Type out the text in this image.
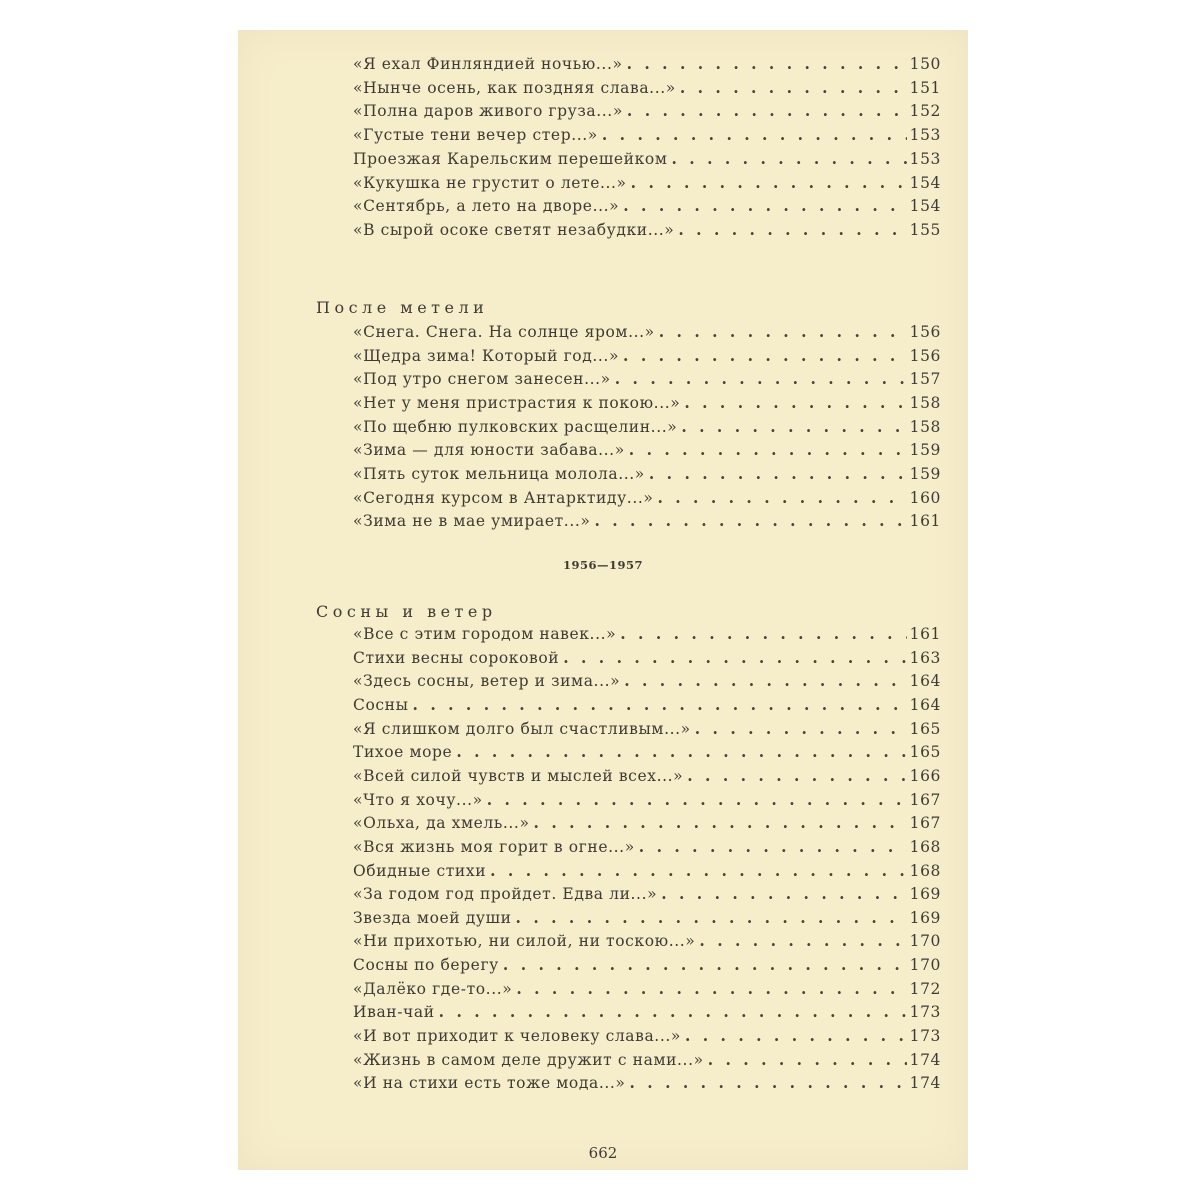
После метели
1956—1957
Сосны и ветер
662
«Я ехал Финляндией ночью...» . . .	150
«Нынче осень, как поздняя слава...» . . .	151
«Полна даров живого груза...» . . .	152
«Густые тени вечер стер...» . . .	153
Проезжая Карельским перешейком . . .	153
«Кукушка не грустит о лете...» . . .	154
«Сентябрь, а лето на дворе...» . . .	154
«В сырой осоке светят незабудки...» . . .	155
«Снега. Снега. На солнце яром...» . . .	156
«Щедра зима! Который год...» . . .	156
«Под утро снегом занесен...» . . .	157
«Нет у меня пристрастия к покою...» . . .	158
«По щебню пулковских расщелин...» . . .	158
«Зима — для юности забава...» . . .	159
«Пять суток мельница молола...» . . .	159
«Сегодня курсом в Антарктиду...» . . .	160
«Зима не в мае умирает...» . . .	161
«Все с этим городом навек...» . . .	161
Стихи весны сороковой . . .	163
«Здесь сосны, ветер и зима...» . . .	164
Сосны . . .	164
«Я слишком долго был счастливым...» . . .	165
Тихое море . . .	165
«Всей силой чувств и мыслей всех...» . . .	166
«Что я хочу...» . . .	167
«Ольха, да хмель...» . . .	167
«Вся жизнь моя горит в огне...» . . .	168
Обидные стихи . . .	168
«За годом год пройдет. Едва ли...» . . .	169
Звезда моей души . . .	169
«Ни прихотью, ни силой, ни тоскою...» . . .	170
Сосны по берегу . . .	170
«Далёко где-то...» . . .	172
Иван-чай . . .	173
«И вот приходит к человеку слава...» . . .	173
«Жизнь в самом деле дружит с нами...» . . .	174
«И на стихи есть тоже мода...» . . .	174
